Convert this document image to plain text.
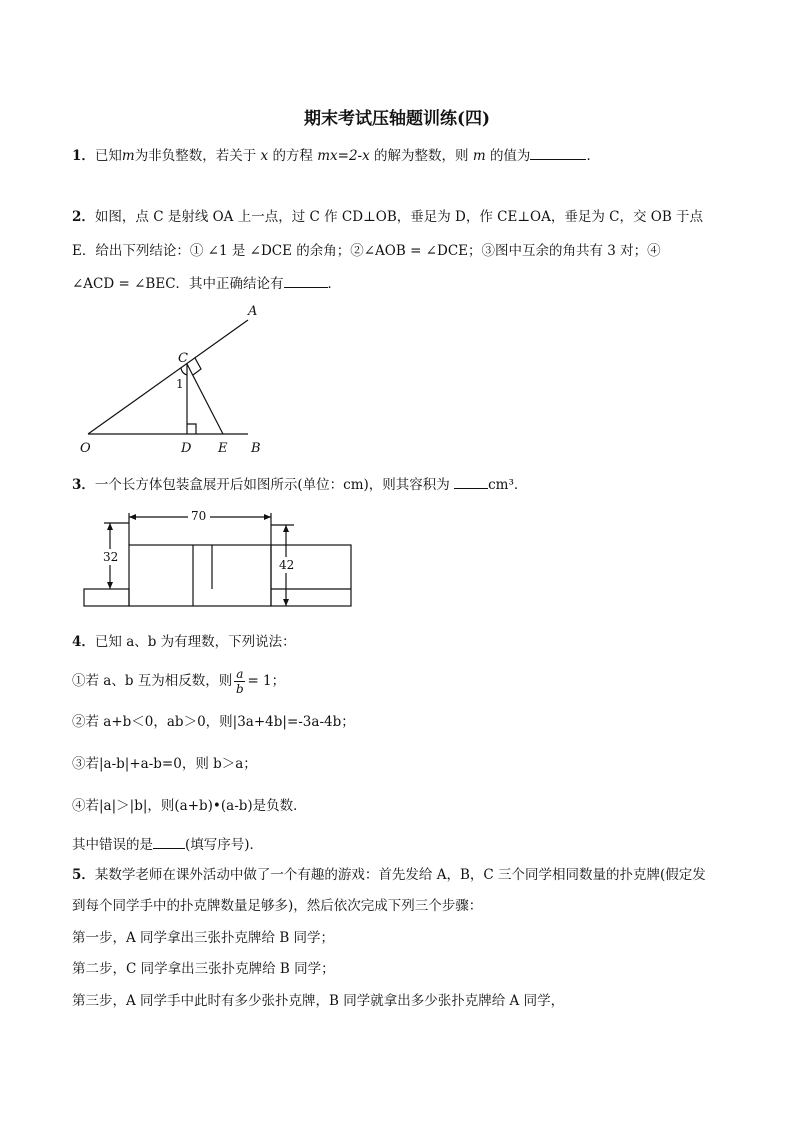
期末考试压轴题训练(四)
1．已知m为非负整数，若关于 x 的方程 mx=2-x 的解为整数，则 m 的值为	．
2．如图，点 C 是射线 OA 上一点，过 C 作 CD⊥OB，垂足为 D，作 CE⊥OA，垂足为 C，交 OB 于点
E．给出下列结论：① ∠1 是 ∠DCE 的余角；②∠AOB = ∠DCE；③图中互余的角共有 3 对；④
∠ACD = ∠BEC．其中正确结论有	．
A
C
O	D E B
1
3．一个长方体包装盒展开后如图所示(单位：cm)，则其容积为	cm³．
70
32
42
4．已知 a、b 为有理数，下列说法：
①若 a、b 互为相反数，则 $\frac{a}{b} = 1$；
②若 a+b＜0，ab＞0，则|3a+4b|=-3a-4b；
③若|a-b|+a-b=0，则 b＞a；
④若|a|＞|b|，则(a+b)•(a-b)是负数．
其中错误的是 (填写序号)．
5．某数学老师在课外活动中做了一个有趣的游戏：首先发给 A，B，C 三个同学相同数量的扑克牌(假定发
到每个同学手中的扑克牌数量足够多)，然后依次完成下列三个步骤：
第一步，A 同学拿出三张扑克牌给 B 同学；
第二步，C 同学拿出三张扑克牌给 B 同学；
第三步，A 同学手中此时有多少张扑克牌，B 同学就拿出多少张扑克牌给 A 同学，
